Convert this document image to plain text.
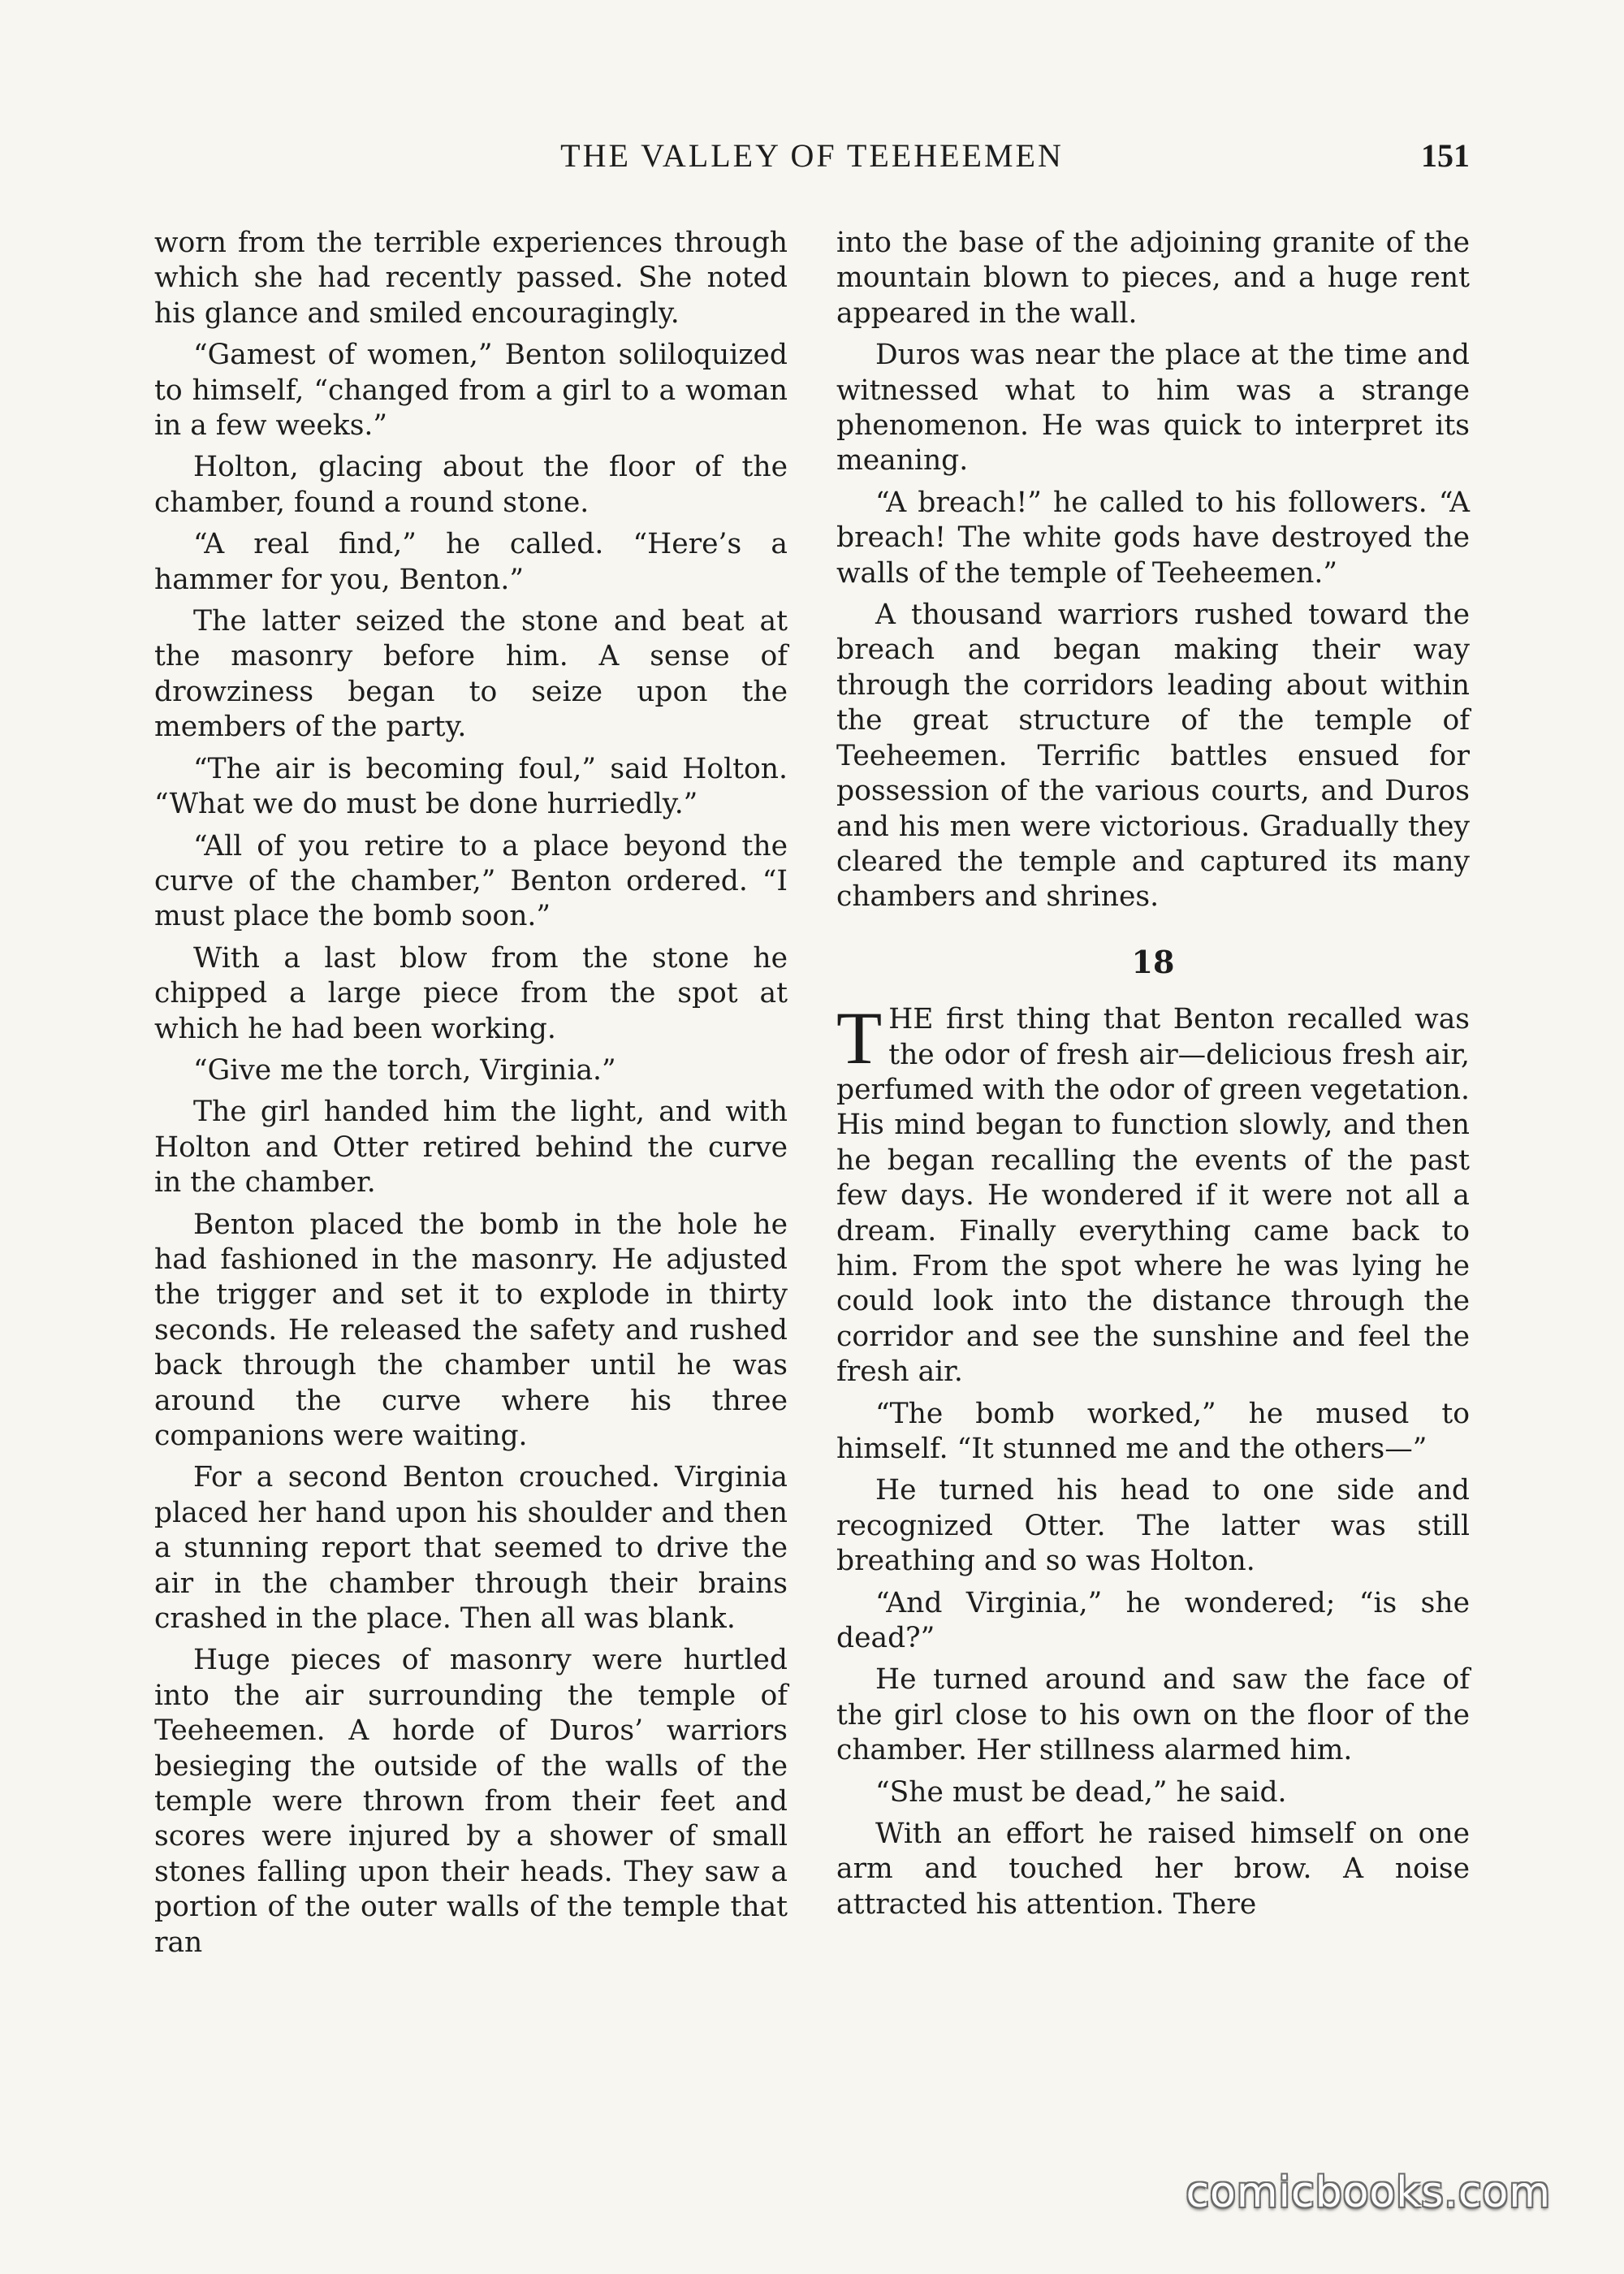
THE VALLEY OF TEEHEEMEN	151

worn from the terrible experiences through which she had recently passed. She noted his glance and smiled encouragingly.

“Gamest of women,” Benton soliloquized to himself, “changed from a girl to a woman in a few weeks.”

Holton, glacing about the floor of the chamber, found a round stone.

“A real find,” he called. “Here’s a hammer for you, Benton.”

The latter seized the stone and beat at the masonry before him. A sense of drowziness began to seize upon the members of the party.

“The air is becoming foul,” said Holton. “What we do must be done hurriedly.”

“All of you retire to a place beyond the curve of the chamber,” Benton ordered. “I must place the bomb soon.”

With a last blow from the stone he chipped a large piece from the spot at which he had been working.

“Give me the torch, Virginia.”

The girl handed him the light, and with Holton and Otter retired behind the curve in the chamber.

Benton placed the bomb in the hole he had fashioned in the masonry. He adjusted the trigger and set it to explode in thirty seconds. He released the safety and rushed back through the chamber until he was around the curve where his three companions were waiting.

For a second Benton crouched. Virginia placed her hand upon his shoulder and then a stunning report that seemed to drive the air in the chamber through their brains crashed in the place. Then all was blank.

Huge pieces of masonry were hurtled into the air surrounding the temple of Teeheemen. A horde of Duros’ warriors besieging the outside of the walls of the temple were thrown from their feet and scores were injured by a shower of small stones falling upon their heads. They saw a portion of the outer walls of the temple that ran

into the base of the adjoining granite of the mountain blown to pieces, and a huge rent appeared in the wall.

Duros was near the place at the time and witnessed what to him was a strange phenomenon. He was quick to interpret its meaning.

“A breach!” he called to his followers. “A breach! The white gods have destroyed the walls of the temple of Teeheemen.”

A thousand warriors rushed toward the breach and began making their way through the corridors leading about within the great structure of the temple of Teeheemen. Terrific battles ensued for possession of the various courts, and Duros and his men were victorious. Gradually they cleared the temple and captured its many chambers and shrines.

18

THE first thing that Benton recalled was the odor of fresh air—delicious fresh air, perfumed with the odor of green vegetation. His mind began to function slowly, and then he began recalling the events of the past few days. He wondered if it were not all a dream. Finally everything came back to him. From the spot where he was lying he could look into the distance through the corridor and see the sunshine and feel the fresh air.

“The bomb worked,” he mused to himself. “It stunned me and the others—”

He turned his head to one side and recognized Otter. The latter was still breathing and so was Holton.

“And Virginia,” he wondered; “is she dead?”

He turned around and saw the face of the girl close to his own on the floor of the chamber. Her stillness alarmed him.

“She must be dead,” he said.

With an effort he raised himself on one arm and touched her brow. A noise attracted his attention. There

comicbooks.com
